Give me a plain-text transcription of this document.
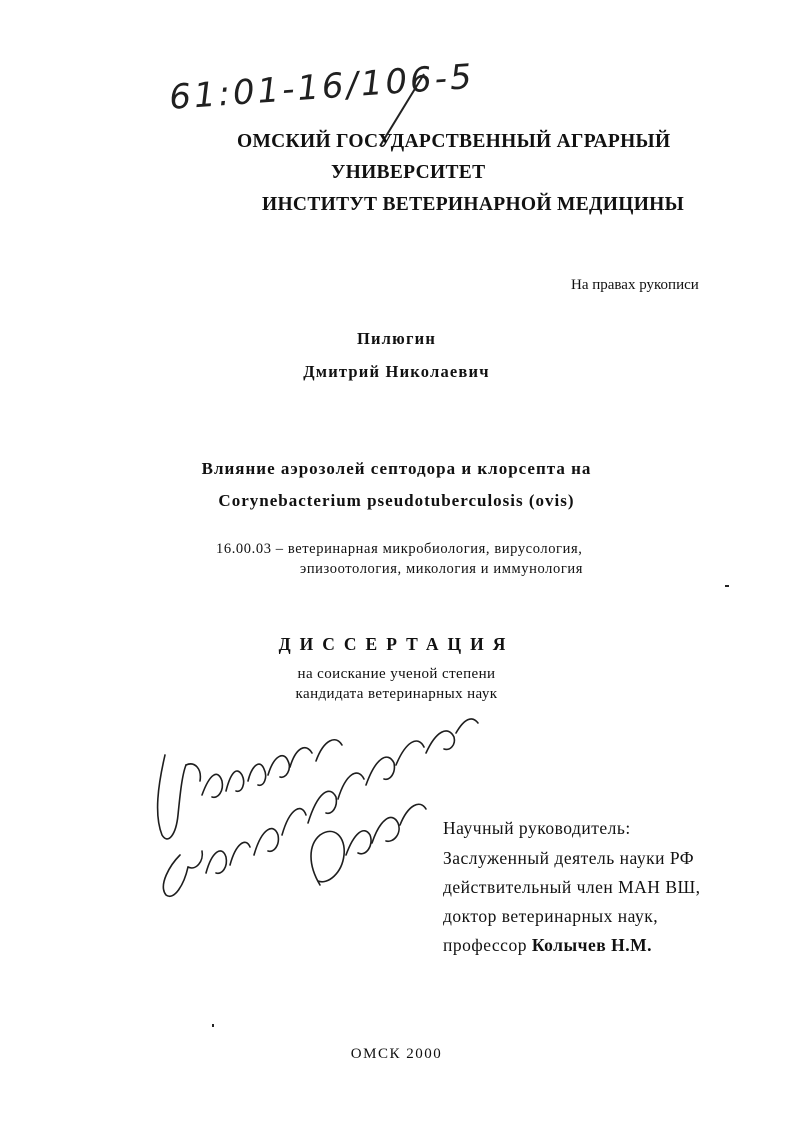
61:01-16/106-5
ОМСКИЙ ГОСУДАРСТВЕННЫЙ АГРАРНЫЙ
УНИВЕРСИТЕТ
ИНСТИТУТ ВЕТЕРИНАРНОЙ МЕДИЦИНЫ
На правах рукописи
Пилюгин
Дмитрий Николаевич
Влияние аэрозолей септодора и клорсепта на
Corynebacterium pseudotuberculosis (ovis)
16.00.03 – ветеринарная микробиология, вирусология,
эпизоотология, микология и иммунология
ДИССЕРТАЦИЯ
на соискание ученой степени
кандидата ветеринарных наук
Пилюгин Дмитрий Николаевич
Научный руководитель:
Заслуженный деятель науки РФ
действительный член МАН ВШ,
доктор ветеринарных наук,
профессор Колычев Н.М.
ОМСК 2000
